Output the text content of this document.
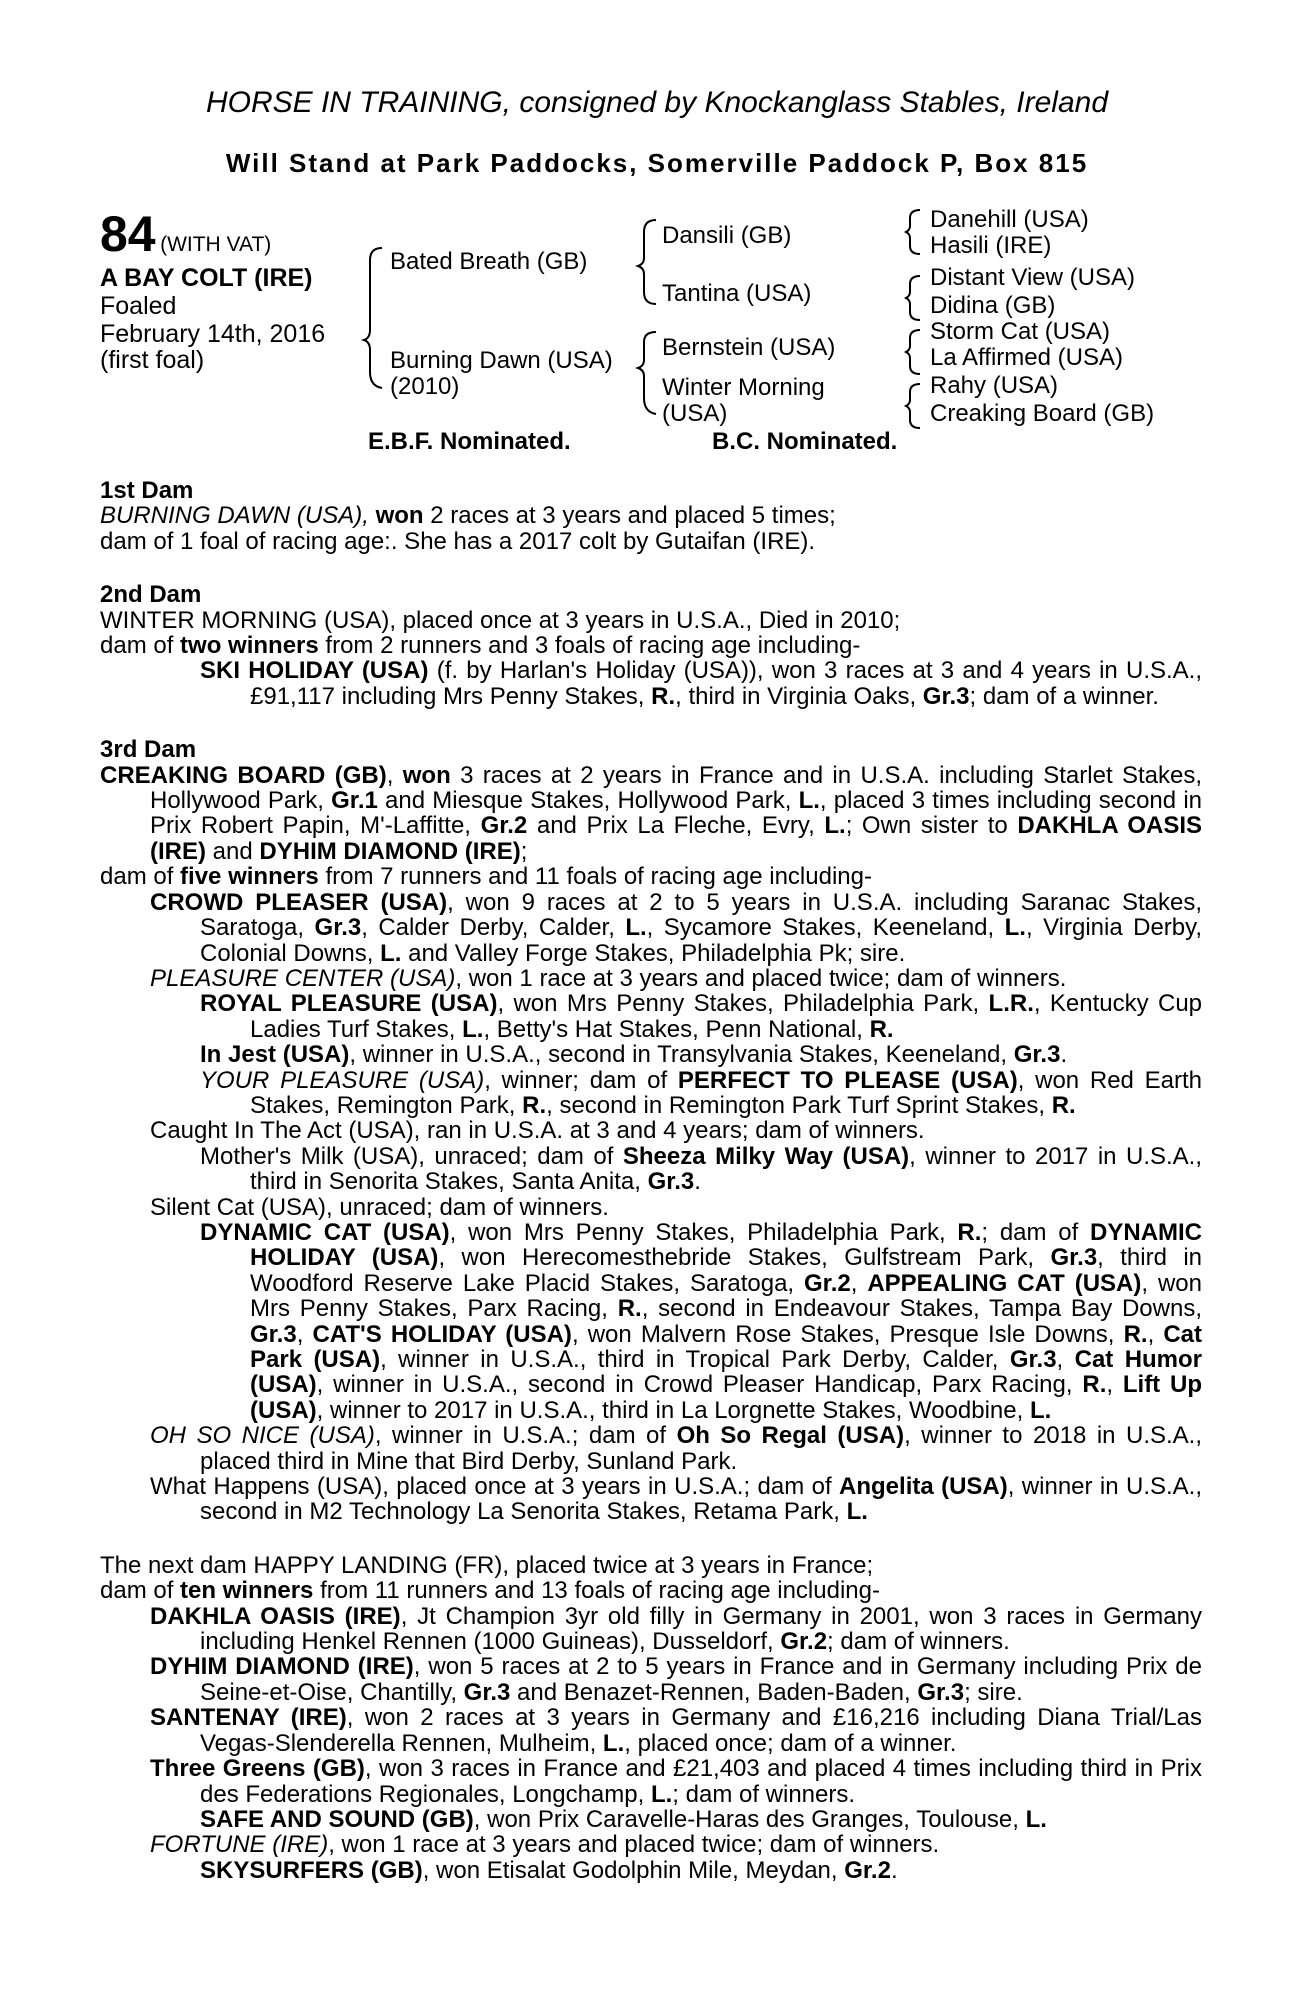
HORSE IN TRAINING, consigned by Knockanglass Stables, Ireland
Will Stand at Park Paddocks, Somerville Paddock P, Box 815
84 (WITH VAT)
A BAY COLT (IRE)
Foaled
February 14th, 2016
(first foal)
Bated Breath (GB)
Burning Dawn (USA)
(2010)
Dansili (GB)
Tantina (USA)
Bernstein (USA)
Winter Morning
(USA)
Danehill (USA)
Hasili (IRE)
Distant View (USA)
Didina (GB)
Storm Cat (USA)
La Affirmed (USA)
Rahy (USA)
Creaking Board (GB)
E.B.F. Nominated.	B.C. Nominated.
1st Dam
BURNING DAWN (USA), won 2 races at 3 years and placed 5 times;
dam of 1 foal of racing age:. She has a 2017 colt by Gutaifan (IRE).
2nd Dam
WINTER MORNING (USA), placed once at 3 years in U.S.A., Died in 2010;
dam of two winners from 2 runners and 3 foals of racing age including-
SKI HOLIDAY (USA) (f. by Harlan's Holiday (USA)), won 3 races at 3 and 4 years in U.S.A., £91,117 including Mrs Penny Stakes, R., third in Virginia Oaks, Gr.3; dam of a winner.
3rd Dam
CREAKING BOARD (GB), won 3 races at 2 years in France and in U.S.A. including Starlet Stakes, Hollywood Park, Gr.1 and Miesque Stakes, Hollywood Park, L., placed 3 times including second in Prix Robert Papin, M'-Laffitte, Gr.2 and Prix La Fleche, Evry, L.; Own sister to DAKHLA OASIS (IRE) and DYHIM DIAMOND (IRE);
dam of five winners from 7 runners and 11 foals of racing age including-
CROWD PLEASER (USA), won 9 races at 2 to 5 years in U.S.A. including Saranac Stakes, Saratoga, Gr.3, Calder Derby, Calder, L., Sycamore Stakes, Keeneland, L., Virginia Derby, Colonial Downs, L. and Valley Forge Stakes, Philadelphia Pk; sire.
PLEASURE CENTER (USA), won 1 race at 3 years and placed twice; dam of winners.
ROYAL PLEASURE (USA), won Mrs Penny Stakes, Philadelphia Park, L.R., Kentucky Cup Ladies Turf Stakes, L., Betty's Hat Stakes, Penn National, R.
In Jest (USA), winner in U.S.A., second in Transylvania Stakes, Keeneland, Gr.3.
YOUR PLEASURE (USA), winner; dam of PERFECT TO PLEASE (USA), won Red Earth Stakes, Remington Park, R., second in Remington Park Turf Sprint Stakes, R.
Caught In The Act (USA), ran in U.S.A. at 3 and 4 years; dam of winners.
Mother's Milk (USA), unraced; dam of Sheeza Milky Way (USA), winner to 2017 in U.S.A., third in Senorita Stakes, Santa Anita, Gr.3.
Silent Cat (USA), unraced; dam of winners.
DYNAMIC CAT (USA), won Mrs Penny Stakes, Philadelphia Park, R.; dam of DYNAMIC HOLIDAY (USA), won Herecomesthebride Stakes, Gulfstream Park, Gr.3, third in Woodford Reserve Lake Placid Stakes, Saratoga, Gr.2, APPEALING CAT (USA), won Mrs Penny Stakes, Parx Racing, R., second in Endeavour Stakes, Tampa Bay Downs, Gr.3, CAT'S HOLIDAY (USA), won Malvern Rose Stakes, Presque Isle Downs, R., Cat Park (USA), winner in U.S.A., third in Tropical Park Derby, Calder, Gr.3, Cat Humor (USA), winner in U.S.A., second in Crowd Pleaser Handicap, Parx Racing, R., Lift Up (USA), winner to 2017 in U.S.A., third in La Lorgnette Stakes, Woodbine, L.
OH SO NICE (USA), winner in U.S.A.; dam of Oh So Regal (USA), winner to 2018 in U.S.A., placed third in Mine that Bird Derby, Sunland Park.
What Happens (USA), placed once at 3 years in U.S.A.; dam of Angelita (USA), winner in U.S.A., second in M2 Technology La Senorita Stakes, Retama Park, L.
The next dam HAPPY LANDING (FR), placed twice at 3 years in France;
dam of ten winners from 11 runners and 13 foals of racing age including-
DAKHLA OASIS (IRE), Jt Champion 3yr old filly in Germany in 2001, won 3 races in Germany including Henkel Rennen (1000 Guineas), Dusseldorf, Gr.2; dam of winners.
DYHIM DIAMOND (IRE), won 5 races at 2 to 5 years in France and in Germany including Prix de Seine-et-Oise, Chantilly, Gr.3 and Benazet-Rennen, Baden-Baden, Gr.3; sire.
SANTENAY (IRE), won 2 races at 3 years in Germany and £16,216 including Diana Trial/Las Vegas-Slenderella Rennen, Mulheim, L., placed once; dam of a winner.
Three Greens (GB), won 3 races in France and £21,403 and placed 4 times including third in Prix des Federations Regionales, Longchamp, L.; dam of winners.
SAFE AND SOUND (GB), won Prix Caravelle-Haras des Granges, Toulouse, L.
FORTUNE (IRE), won 1 race at 3 years and placed twice; dam of winners.
SKYSURFERS (GB), won Etisalat Godolphin Mile, Meydan, Gr.2.
